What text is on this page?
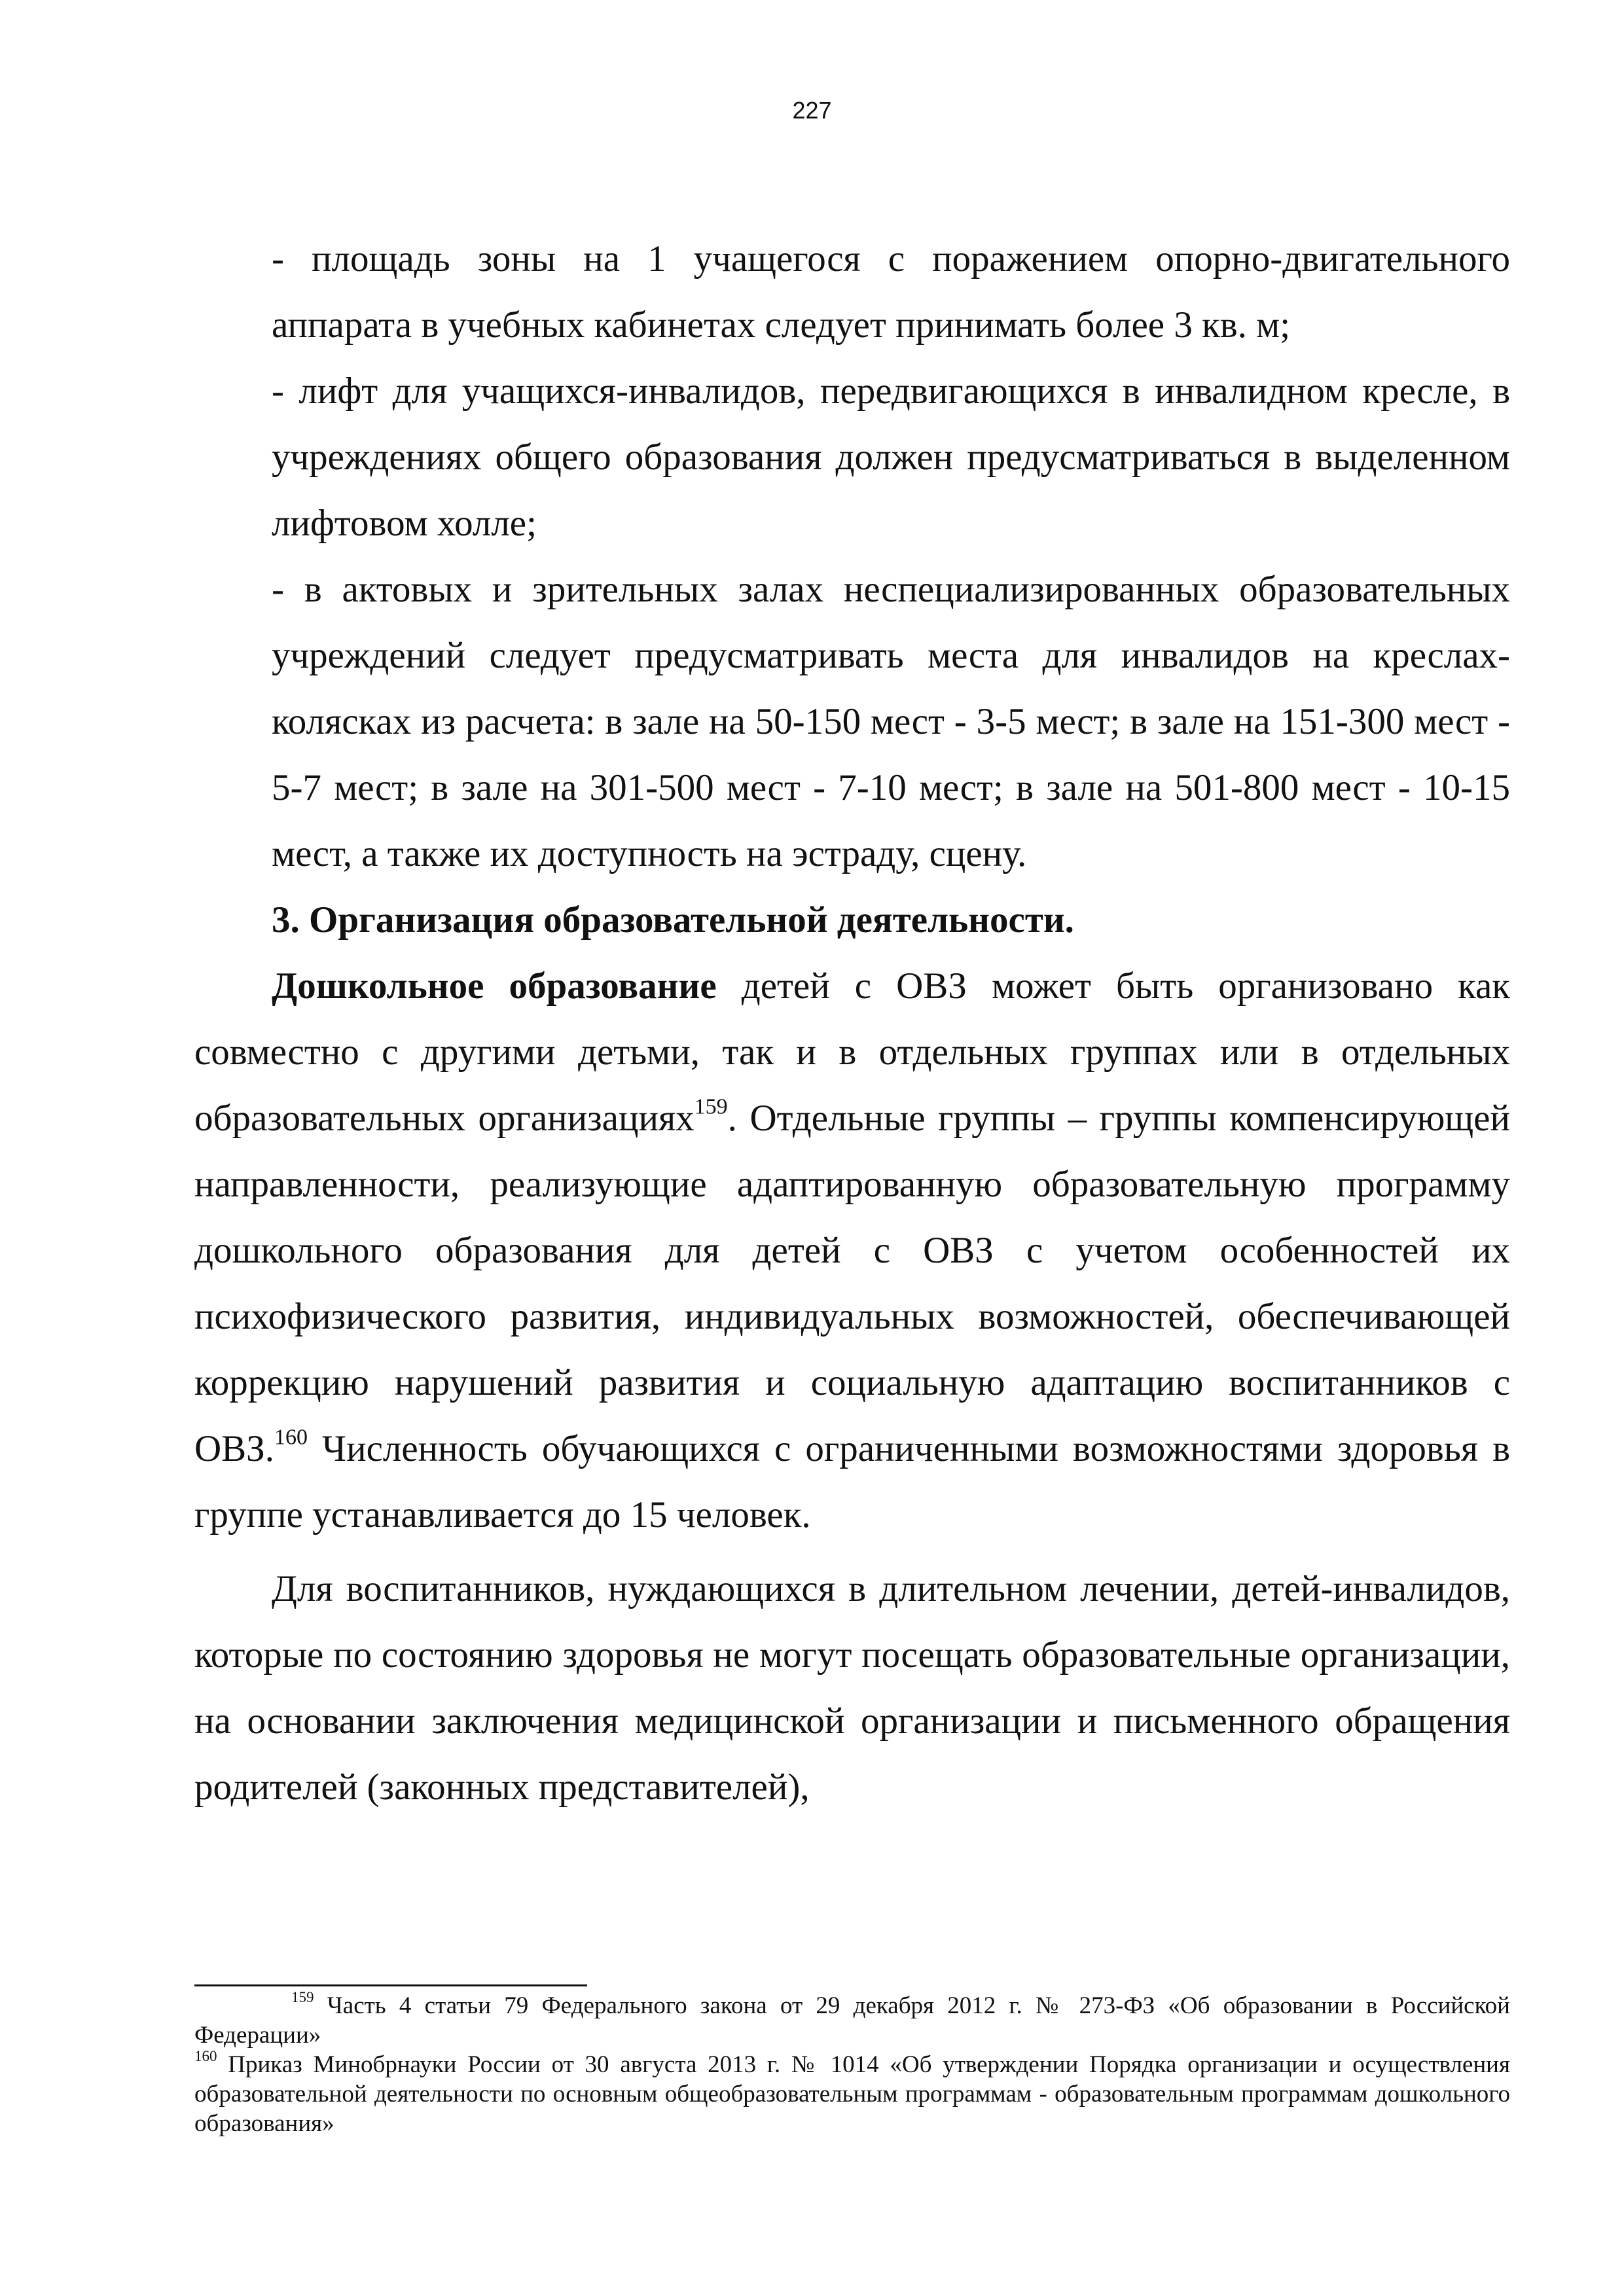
227

- площадь зоны на 1 учащегося с поражением опорно-двигательного аппарата в учебных кабинетах следует принимать более 3 кв. м;

- лифт для учащихся-инвалидов, передвигающихся в инвалидном кресле, в учреждениях общего образования должен предусматриваться в выделенном лифтовом холле;

- в актовых и зрительных залах неспециализированных образовательных учреждений следует предусматривать места для инвалидов на креслах-колясках из расчета: в зале на 50-150 мест - 3-5 мест; в зале на 151-300 мест - 5-7 мест; в зале на 301-500 мест - 7-10 мест; в зале на 501-800 мест - 10-15 мест, а также их доступность на эстраду, сцену.

3. Организация образовательной деятельности.

Дошкольное образование детей с ОВЗ может быть организовано как совместно с другими детьми, так и в отдельных группах или в отдельных образовательных организациях$^{159}$. Отдельные группы – группы компенсирующей направленности, реализующие адаптированную образовательную программу дошкольного образования для детей с ОВЗ с учетом особенностей их психофизического развития, индивидуальных возможностей, обеспечивающей коррекцию нарушений развития и социальную адаптацию воспитанников с ОВЗ.$^{160}$ Численность обучающихся с ограниченными возможностями здоровья в группе устанавливается до 15 человек.

Для воспитанников, нуждающихся в длительном лечении, детей-инвалидов, которые по состоянию здоровья не могут посещать образовательные организации, на основании заключения медицинской организации и письменного обращения родителей (законных представителей),

$^{159}$ Часть 4 статьи 79 Федерального закона от 29 декабря 2012 г. № 273-ФЗ «Об образовании в Российской Федерации»

$^{160}$ Приказ Минобрнауки России от 30 августа 2013 г. № 1014 «Об утверждении Порядка организации и осуществления образовательной деятельности по основным общеобразовательным программам - образовательным программам дошкольного образования»
